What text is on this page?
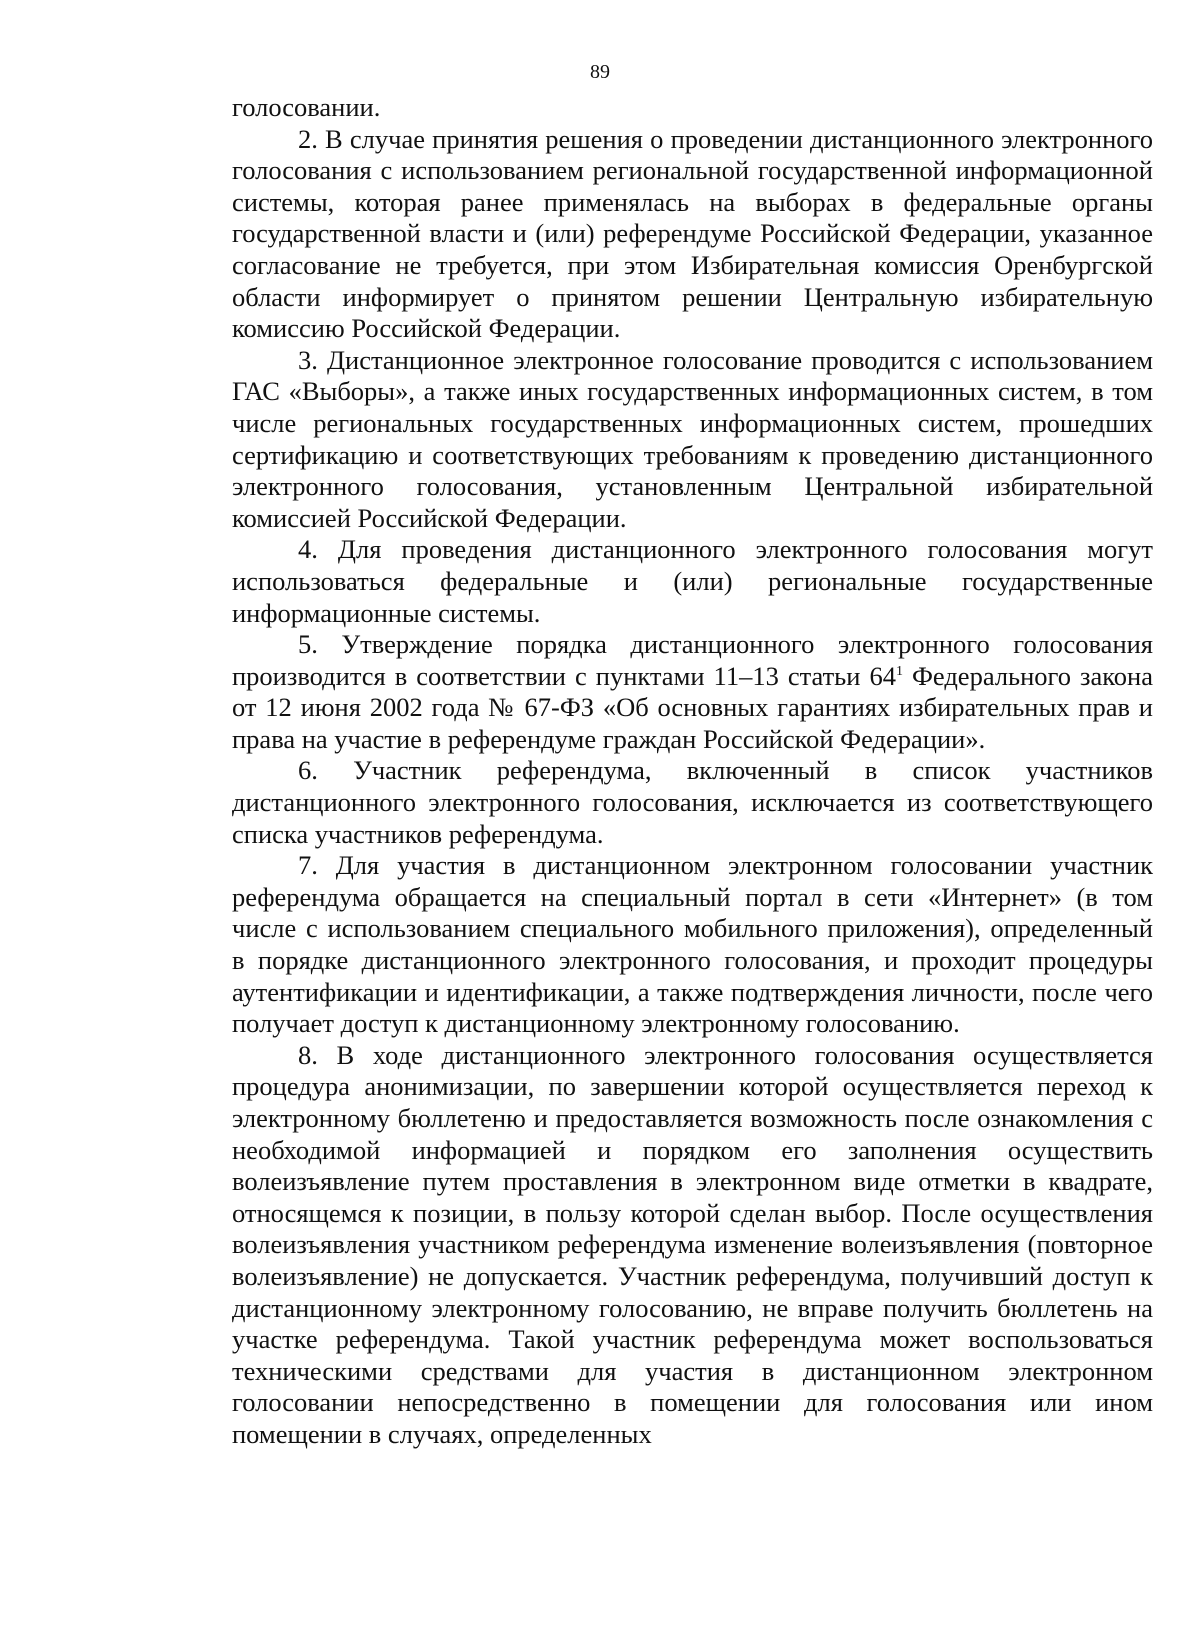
89

голосовании.

2. В случае принятия решения о проведении дистанционного электронного голосования с использованием региональной государственной информационной системы, которая ранее применялась на выборах в федеральные органы государственной власти и (или) референдуме Российской Федерации, указанное согласование не требуется, при этом Избирательная комиссия Оренбургской области информирует о принятом решении Центральную избирательную комиссию Российской Федерации.

3. Дистанционное электронное голосование проводится с использованием ГАС «Выборы», а также иных государственных информационных систем, в том числе региональных государственных информационных систем, прошедших сертификацию и соответствующих требованиям к проведению дистанционного электронного голосования, установленным Центральной избирательной комиссией Российской Федерации.

4. Для проведения дистанционного электронного голосования могут использоваться федеральные и (или) региональные государственные информационные системы.

5. Утверждение порядка дистанционного электронного голосования производится в соответствии с пунктами 11–13 статьи $64^1$ Федерального закона от 12 июня 2002 года № 67-ФЗ «Об основных гарантиях избирательных прав и права на участие в референдуме граждан Российской Федерации».

6. Участник референдума, включенный в список участников дистанционного электронного голосования, исключается из соответствующего списка участников референдума.

7. Для участия в дистанционном электронном голосовании участник референдума обращается на специальный портал в сети «Интернет» (в том числе с использованием специального мобильного приложения), определенный в порядке дистанционного электронного голосования, и проходит процедуры аутентификации и идентификации, а также подтверждения личности, после чего получает доступ к дистанционному электронному голосованию.

8. В ходе дистанционного электронного голосования осуществляется процедура анонимизации, по завершении которой осуществляется переход к электронному бюллетеню и предоставляется возможность после ознакомления с необходимой информацией и порядком его заполнения осуществить волеизъявление путем проставления в электронном виде отметки в квадрате, относящемся к позиции, в пользу которой сделан выбор. После осуществления волеизъявления участником референдума изменение волеизъявления (повторное волеизъявление) не допускается. Участник референдума, получивший доступ к дистанционному электронному голосованию, не вправе получить бюллетень на участке референдума. Такой участник референдума может воспользоваться техническими средствами для участия в дистанционном электронном голосовании непосредственно в помещении для голосования или ином помещении в случаях, определенных
